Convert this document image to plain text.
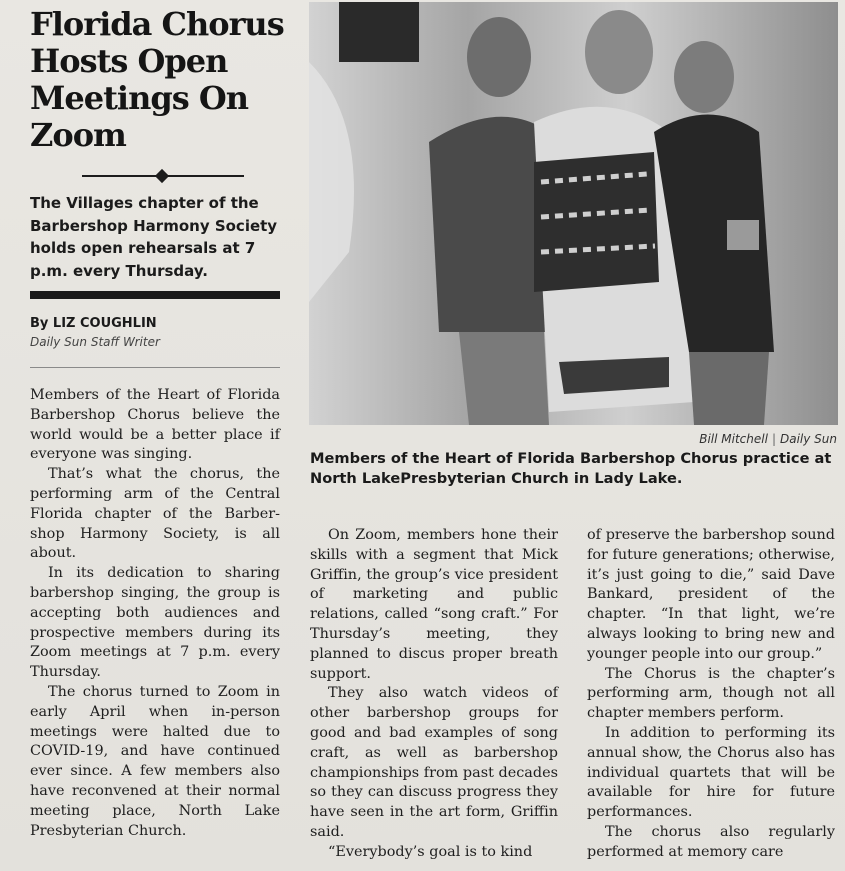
Florida Chorus Hosts Open Meetings On Zoom

The Villages chapter of the Barbershop Harmony Society holds open rehearsals at 7 p.m. every Thursday.

By LIZ COUGHLIN
Daily Sun Staff Writer

Members of the Heart of Florida Barbershop Chorus believe the world would be a better place if everyone was singing.

That’s what the chorus, the performing arm of the Central Florida chapter of the Barber-shop Harmony Society, is all about.

In its dedication to sharing barbershop singing, the group is accepting both audiences and prospective members during its Zoom meetings at 7 p.m. every Thursday.

The chorus turned to Zoom in early April when in-person meetings were halted due to COVID-19, and have continued ever since. A few members also have reconvened at their normal meeting place, North Lake Presbyterian Church.

Bill Mitchell | Daily Sun
Members of the Heart of Florida Barbershop Chorus practice at North LakePresbyterian Church in Lady Lake.

On Zoom, members hone their skills with a segment that Mick Griffin, the group’s vice president of marketing and public relations, called “song craft.” For Thursday’s meeting, they planned to discus proper breath support.

They also watch videos of other barbershop groups for good and bad examples of song craft, as well as barbershop championships from past decades so they can discuss progress they have seen in the art form, Griffin said.

“Everybody’s goal is to kind

of preserve the barbershop sound for future generations; otherwise, it’s just going to die,” said Dave Bankard, president of the chapter. “In that light, we’re always looking to bring new and younger people into our group.”

The Chorus is the chapter’s performing arm, though not all chapter members perform.

In addition to performing its annual show, the Chorus also has individual quartets that will be available for hire for future performances.

The chorus also regularly performed at memory care
